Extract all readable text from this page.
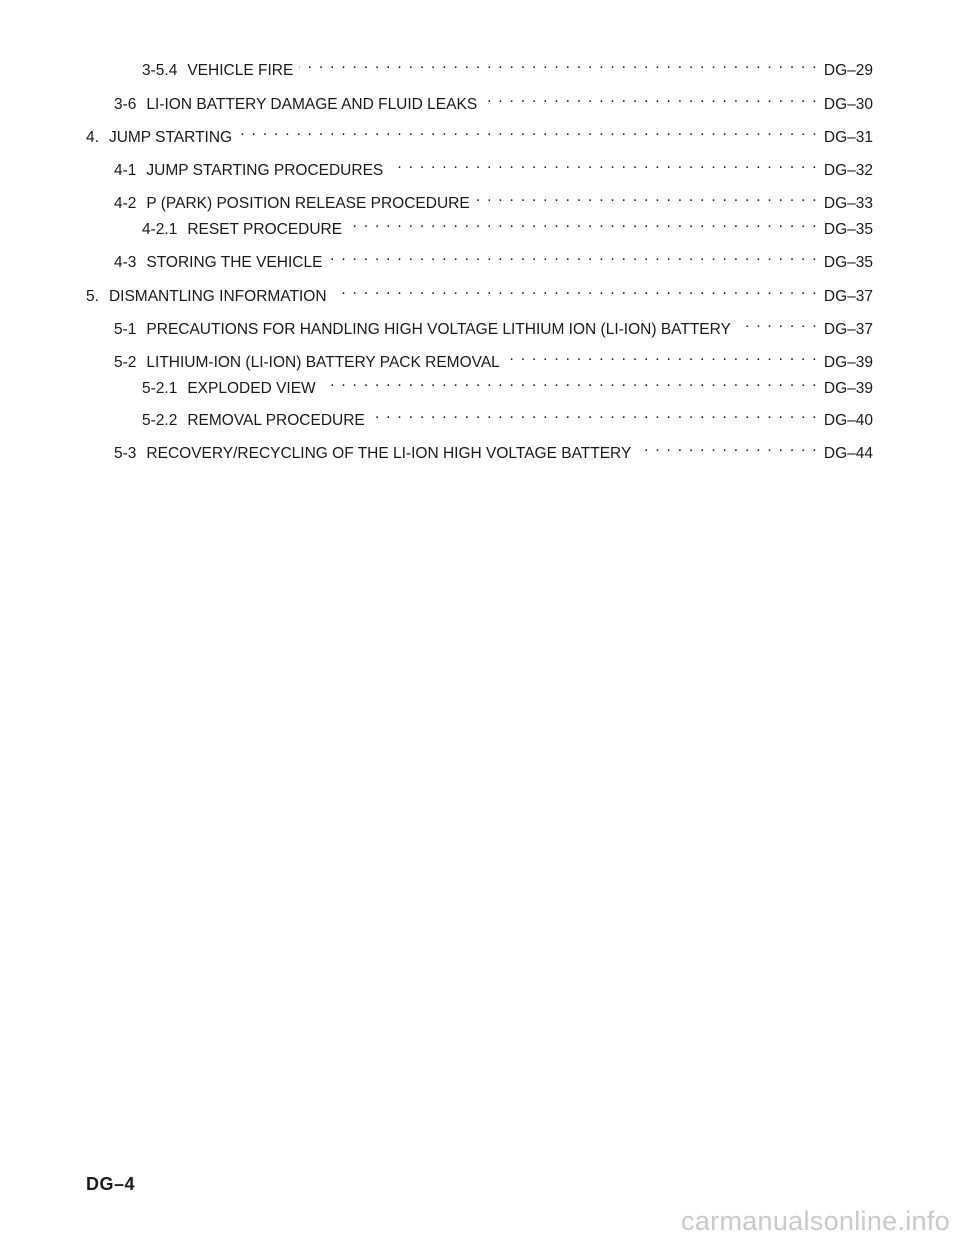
3-5.4 VEHICLE FIRE . . .	DG–29
3-6 LI-ION BATTERY DAMAGE AND FLUID LEAKS . . .	DG–30
4. JUMP STARTING . . .	DG–31
4-1 JUMP STARTING PROCEDURES . . .	DG–32
4-2 P (PARK) POSITION RELEASE PROCEDURE . . .	DG–33
4-2.1 RESET PROCEDURE . . .	DG–35
4-3 STORING THE VEHICLE . . .	DG–35
5. DISMANTLING INFORMATION . . .	DG–37
5-1 PRECAUTIONS FOR HANDLING HIGH VOLTAGE LITHIUM ION (LI-ION) BATTERY . . .	DG–37
5-2 LITHIUM-ION (LI-ION) BATTERY PACK REMOVAL . . .	DG–39
5-2.1 EXPLODED VIEW . . .	DG–39
5-2.2 REMOVAL PROCEDURE . . .	DG–40
5-3 RECOVERY/RECYCLING OF THE LI-ION HIGH VOLTAGE BATTERY . . .	DG–44
DG–4
carmanualsonline.info
